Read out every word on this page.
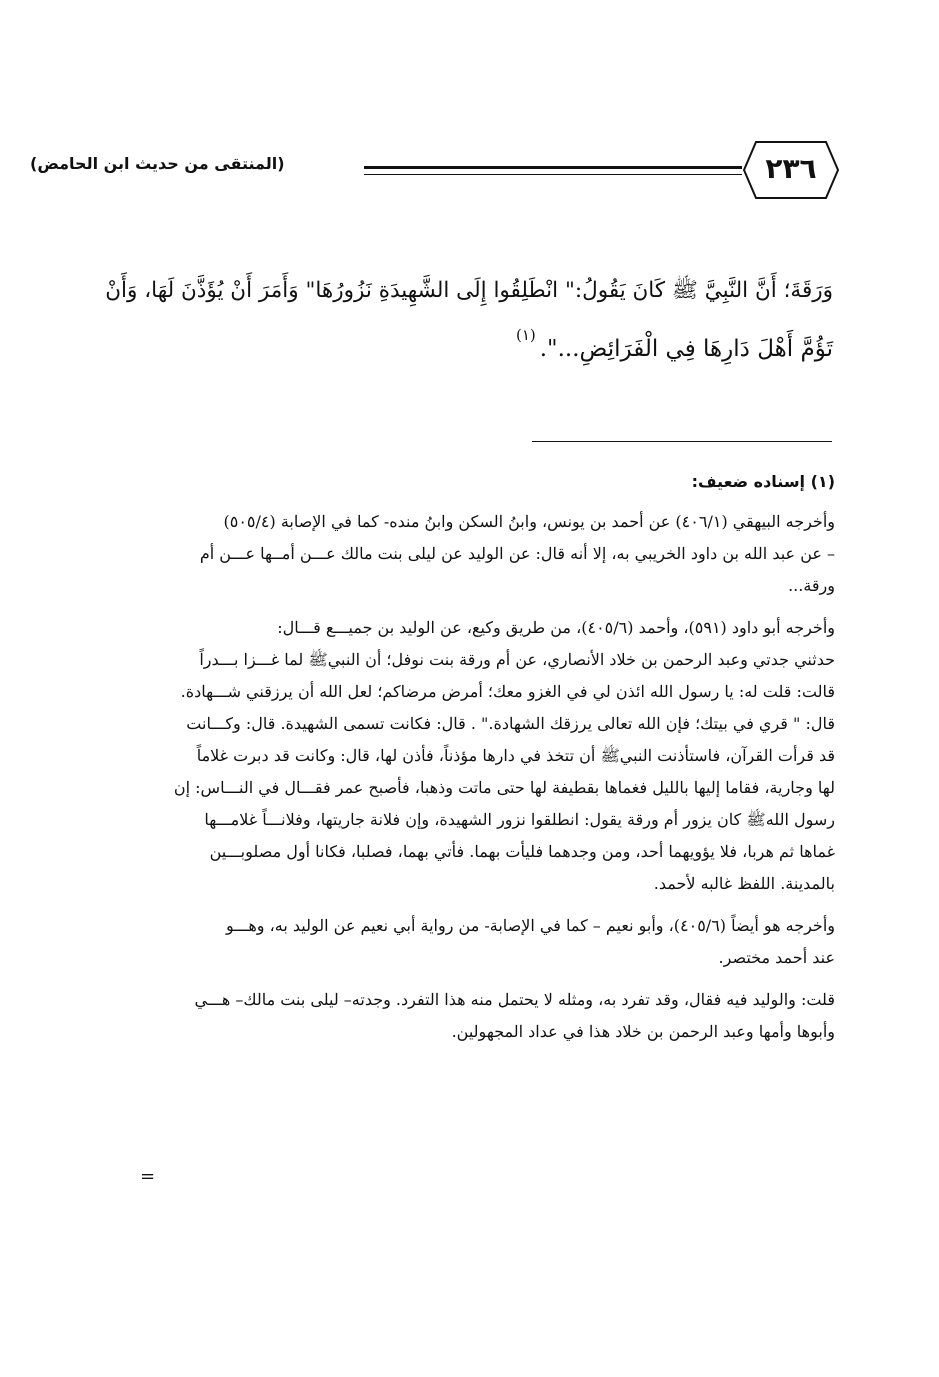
(المنتقى من حديث ابن الحامض)	٢٣٦
وَرَقَةَ؛ أَنَّ النَّبِيَّ ﷺ كَانَ يَقُولُ:" انْطَلِقُوا إِلَى الشَّهِيدَةِ نَزُورُهَا" وَأَمَرَ أَنْ يُؤَذَّنَ لَهَا، وَأَنْ
تَؤُمَّ أَهْلَ دَارِهَا فِي الْفَرَائِضِ...".$^{(١)}$
(١) إسناده ضعيف:
وأخرجه البيهقي (٤٠٦/١) عن أحمد بن يونس، وابنُ السكن وابنُ منده- كما في الإصابة (٥٠٥/٤)
– عن عبد الله بن داود الخريبي به، إلا أنه قال: عن الوليد عن ليلى بنت مالك عـــن أمــها عـــن أم
ورقة...
وأخرجه أبو داود (٥٩١)، وأحمد (٤٠٥/٦)، من طريق وكيع، عن الوليد بن جميـــع قـــال:
حدثني جدتي وعبد الرحمن بن خلاد الأنصاري، عن أم ورقة بنت نوفل؛ أن النبيﷺ لما غـــزا بـــدراً
قالت: قلت له: يا رسول الله ائذن لي في الغزو معك؛ أمرض مرضاكم؛ لعل الله أن يرزقني شـــهادة.
قال: " قري في بيتك؛ فإن الله تعالى يرزقك الشهادة." . قال: فكانت تسمى الشهيدة. قال: وكـــانت
قد قرأت القرآن، فاستأذنت النبيﷺ أن تتخذ في دارها مؤذناً، فأذن لها، قال: وكانت قد دبرت غلاماً
لها وجارية، فقاما إليها بالليل فغماها بقطيفة لها حتى ماتت وذهبا، فأصبح عمر فقـــال في النـــاس: إن
رسول اللهﷺ كان يزور أم ورقة يقول: انطلقوا نزور الشهيدة، وإن فلانة جاريتها، وفلانـــاً غلامـــها
غماها ثم هربا، فلا يؤويهما أحد، ومن وجدهما فليأت بهما. فأتي بهما، فصلبا، فكانا أول مصلوبـــين
بالمدينة. اللفظ غالبه لأحمد.
وأخرجه هو أيضاً (٤٠٥/٦)، وأبو نعيم – كما في الإصابة- من رواية أبي نعيم عن الوليد به، وهـــو
عند أحمد مختصر.
قلت: والوليد فيه فقال، وقد تفرد به، ومثله لا يحتمل منه هذا التفرد. وجدته– ليلى بنت مالك– هـــي
وأبوها وأمها وعبد الرحمن بن خلاد هذا في عداد المجهولين.
=
